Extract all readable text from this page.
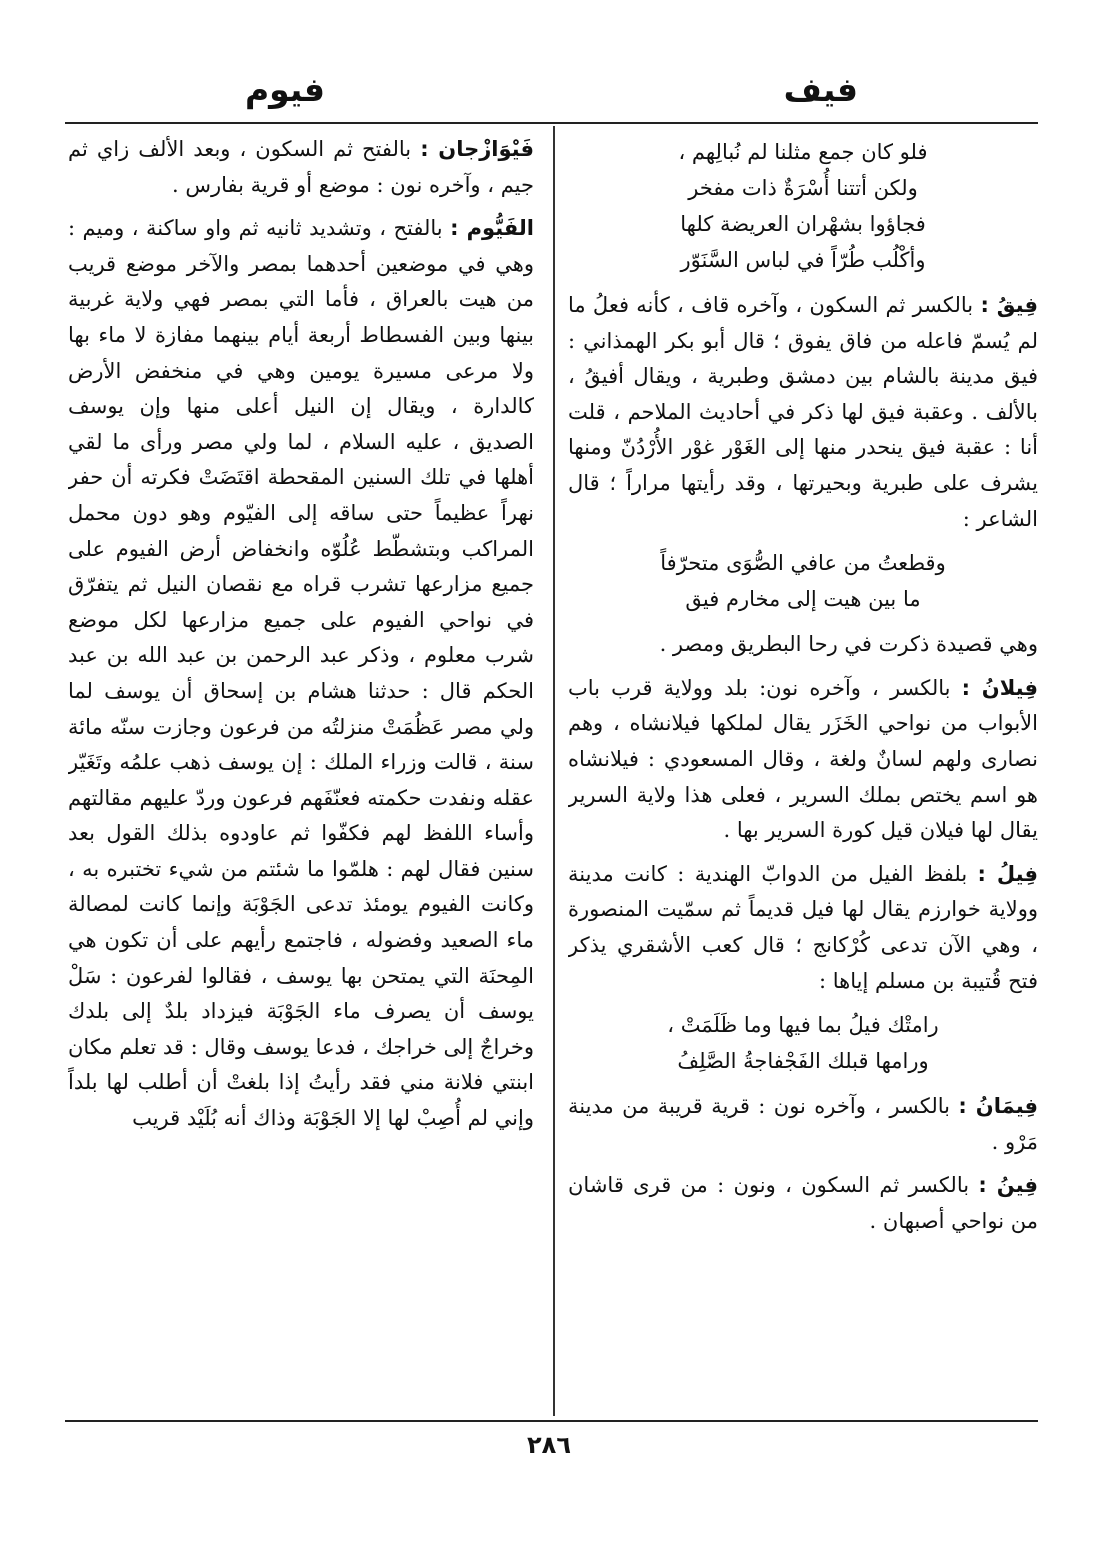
فيف
فيوم
فلو كان جمع مثلنا لم نُبالِهم ،
ولكن أتتنا أُسْرَةٌ ذات مفخر
فجاؤوا بشهْران العريضة كلها
وأكْلُب طُرّاً في لباس السَّنَوّر
فِيقُ : بالكسر ثم السكون ، وآخره قاف ، كأنه فعلُ ما لم يُسمّ فاعله من فاق يفوق ؛ قال أبو بكر الهمذاني : فيق مدينة بالشام بين دمشق وطبرية ، ويقال أفيقُ ، بالألف . وعقبة فيق لها ذكر في أحاديث الملاحم ، قلت أنا : عقبة فيق ينحدر منها إلى الغَوْر غوْر الأُرْدُنّ ومنها يشرف على طبرية وبحيرتها ، وقد رأيتها مراراً ؛ قال الشاعر :
وقطعتُ من عافي الصُّوَى متحرّفاً
ما بين هيت إلى مخارم فيق
وهي قصيدة ذكرت في رحا البطريق ومصر .
فِيلانُ : بالكسر ، وآخره نون: بلد وولاية قرب باب الأبواب من نواحي الخَزَر يقال لملكها فيلانشاه ، وهم نصارى ولهم لسانٌ ولغة ، وقال المسعودي : فيلانشاه هو اسم يختص بملك السرير ، فعلى هذا ولاية السرير يقال لها فيلان قيل كورة السرير بها .
فِيلُ : بلفظ الفيل من الدوابّ الهندية : كانت مدينة وولاية خوارزم يقال لها فيل قديماً ثم سمّيت المنصورة ، وهي الآن تدعى كُرْكانج ؛ قال كعب الأشقري يذكر فتح قُتيبة بن مسلم إياها :
رامتْك فيلُ بما فيها وما ظَلَمَتْ ،
ورامها قبلك الفَجْفاجةُ الصَّلِفُ
فِيمَانُ : بالكسر ، وآخره نون : قرية قريبة من مدينة مَرْو .
فِينُ : بالكسر ثم السكون ، ونون : من قرى قاشان من نواحي أصبهان .
فَيْوَازْجان : بالفتح ثم السكون ، وبعد الألف زاي ثم جيم ، وآخره نون : موضع أو قرية بفارس .
الفَيُّوم : بالفتح ، وتشديد ثانيه ثم واو ساكنة ، وميم : وهي في موضعين أحدهما بمصر والآخر موضع قريب من هيت بالعراق ، فأما التي بمصر فهي ولاية غربية بينها وبين الفسطاط أربعة أيام بينهما مفازة لا ماء بها ولا مرعى مسيرة يومين وهي في منخفض الأرض كالدارة ، ويقال إن النيل أعلى منها وإن يوسف الصديق ، عليه السلام ، لما ولي مصر ورأى ما لقي أهلها في تلك السنين المقحطة اقتَضَتْ فكرته أن حفر نهراً عظيماً حتى ساقه إلى الفيّوم وهو دون محمل المراكب وبتشطّط عُلُوّه وانخفاض أرض الفيوم على جميع مزارعها تشرب قراه مع نقصان النيل ثم يتفرّق في نواحي الفيوم على جميع مزارعها لكل موضع شرب معلوم ، وذكر عبد الرحمن بن عبد الله بن عبد الحكم قال : حدثنا هشام بن إسحاق أن يوسف لما ولي مصر عَظُمَتْ منزلتُه من فرعون وجازت سنّه مائة سنة ، قالت وزراء الملك : إن يوسف ذهب علمُه وتَغَيّر عقله ونفدت حكمته فعنّفَهم فرعون وردّ عليهم مقالتهم وأساء اللفظ لهم فكفّوا ثم عاودوه بذلك القول بعد سنين فقال لهم : هلمّوا ما شئتم من شيء تختبره به ، وكانت الفيوم يومئذ تدعى الجَوْبَة وإنما كانت لمصالة ماء الصعيد وفضوله ، فاجتمع رأيهم على أن تكون هي المِحنَة التي يمتحن بها يوسف ، فقالوا لفرعون : سَلْ يوسف أن يصرف ماء الجَوْبَة فيزداد بلدٌ إلى بلدك وخراجٌ إلى خراجك ، فدعا يوسف وقال : قد تعلم مكان ابنتي فلانة مني فقد رأيتُ إذا بلغتْ أن أطلب لها بلداً وإني لم أُصِبْ لها إلا الجَوْبَة وذاك أنه بُلَيْد قريب
٢٨٦
